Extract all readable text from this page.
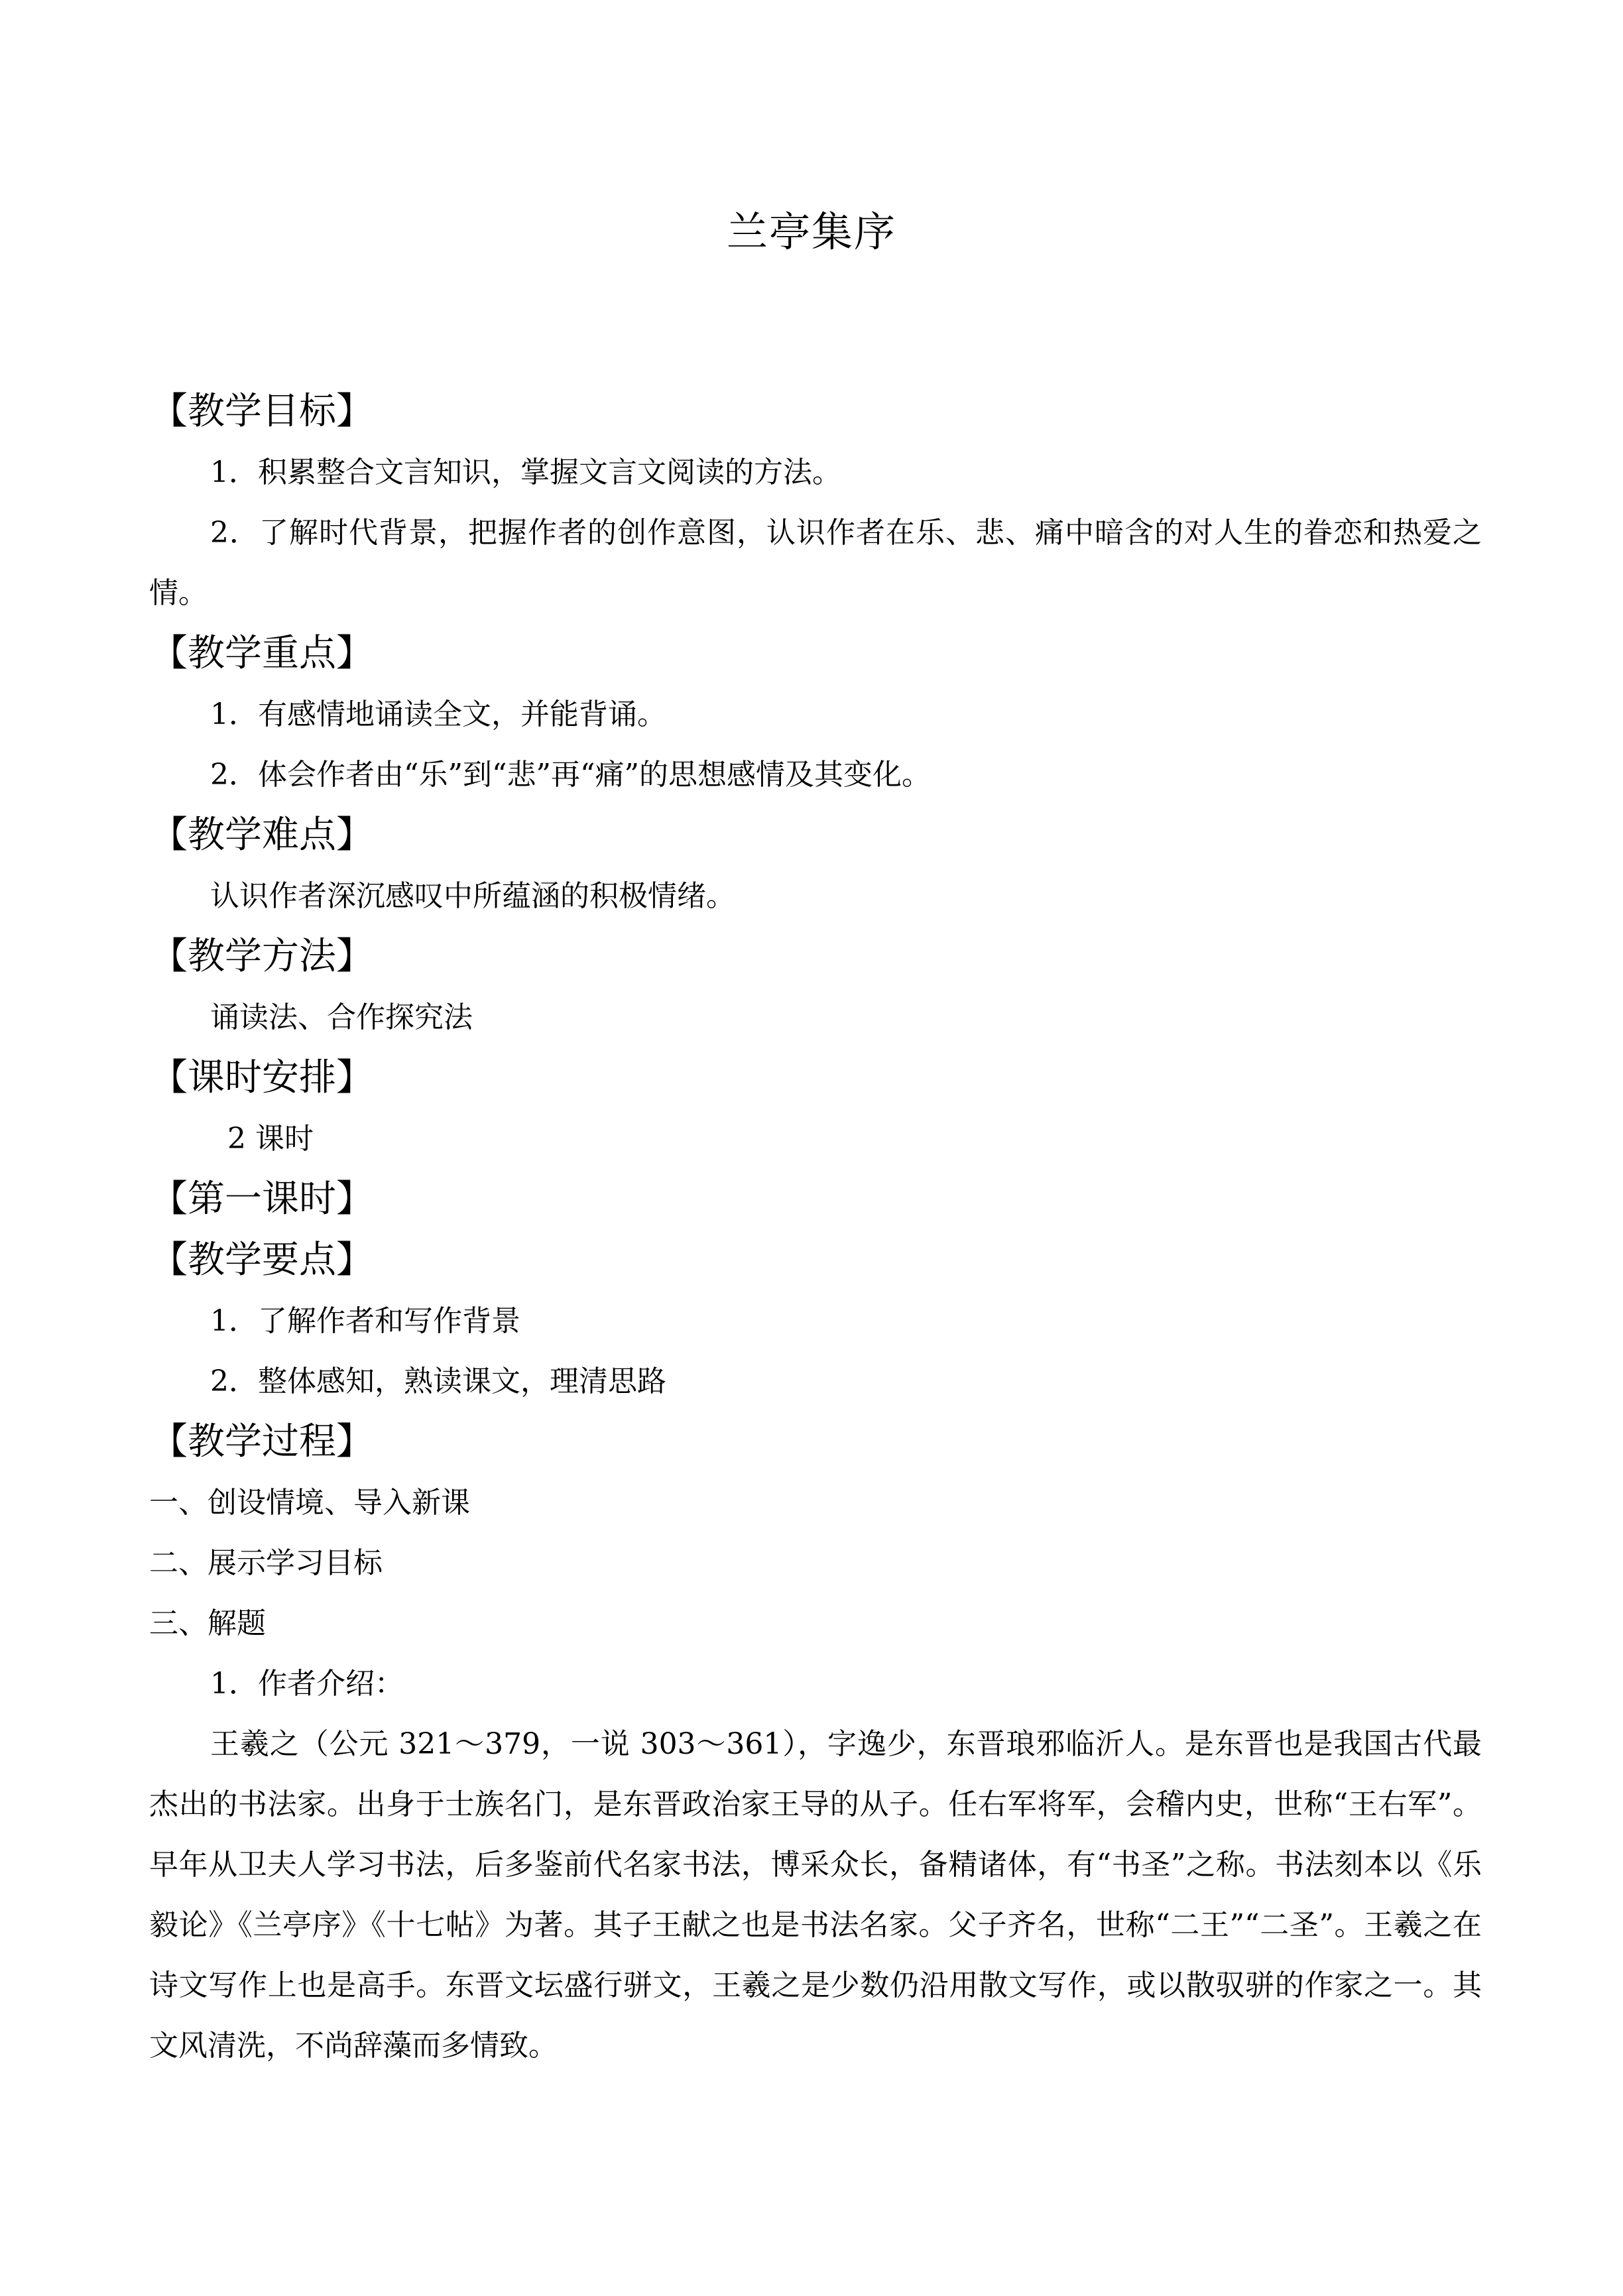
兰亭集序
【教学目标】
1．积累整合文言知识，掌握文言文阅读的方法。

2．了解时代背景，把握作者的创作意图，认识作者在乐、悲、痛中暗含的对人生的眷恋和热爱之情。

【教学重点】
1．有感情地诵读全文，并能背诵。
2．体会作者由“乐”到“悲”再“痛”的思想感情及其变化。
【教学难点】
认识作者深沉感叹中所蕴涵的积极情绪。
【教学方法】
诵读法、合作探究法
【课时安排】
2 课时
【第一课时】
【教学要点】
1．了解作者和写作背景
2．整体感知，熟读课文，理清思路
【教学过程】
一、创设情境、导入新课
二、展示学习目标
三、解题
1．作者介绍：

王羲之（公元 321～379，一说 303～361），字逸少，东晋琅邪临沂人。是东晋也是我国古代最杰出的书法家。出身于士族名门，是东晋政治家王导的从子。任右军将军，会稽内史，世称“王右军”。早年从卫夫人学习书法，后多鉴前代名家书法，博采众长，备精诸体，有“书圣”之称。书法刻本以《乐毅论》《兰亭序》《十七帖》为著。其子王献之也是书法名家。父子齐名，世称“二王”“二圣”。王羲之在诗文写作上也是高手。东晋文坛盛行骈文，王羲之是少数仍沿用散文写作，或以散驭骈的作家之一。其文风清洗，不尚辞藻而多情致。
